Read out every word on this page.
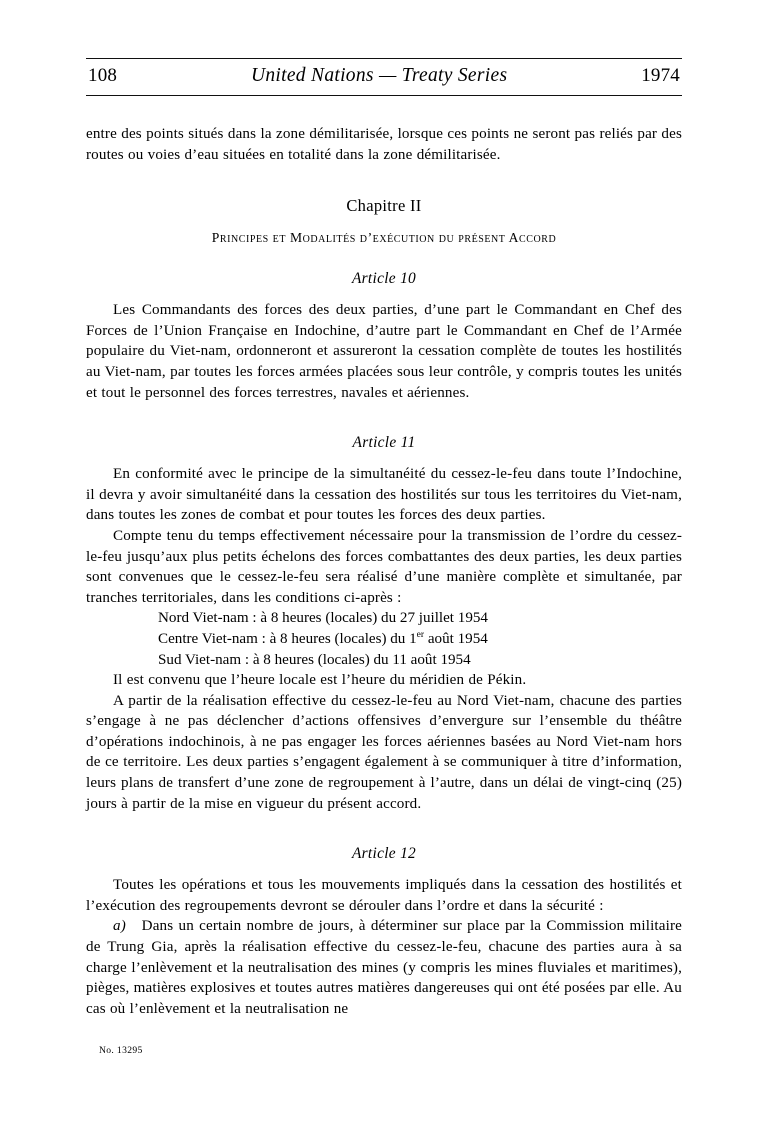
108	United Nations — Treaty Series	1974

entre des points situés dans la zone démilitarisée, lorsque ces points ne seront pas reliés par des routes ou voies d’eau situées en totalité dans la zone démilitarisée.

Chapitre II

Principes et Modalités d’exécution du présent Accord

Article 10

Les Commandants des forces des deux parties, d’une part le Commandant en Chef des Forces de l’Union Française en Indochine, d’autre part le Commandant en Chef de l’Armée populaire du Viet-nam, ordonneront et assureront la cessation complète de toutes les hostilités au Viet-nam, par toutes les forces armées placées sous leur contrôle, y compris toutes les unités et tout le personnel des forces terrestres, navales et aériennes.

Article 11

En conformité avec le principe de la simultanéité du cessez-le-feu dans toute l’Indochine, il devra y avoir simultanéité dans la cessation des hostilités sur tous les territoires du Viet-nam, dans toutes les zones de combat et pour toutes les forces des deux parties.

Compte tenu du temps effectivement nécessaire pour la transmission de l’ordre du cessez-le-feu jusqu’aux plus petits échelons des forces combattantes des deux parties, les deux parties sont convenues que le cessez-le-feu sera réalisé d’une manière complète et simultanée, par tranches territoriales, dans les conditions ci-après :

Nord Viet-nam : à 8 heures (locales) du 27 juillet 1954
Centre Viet-nam : à 8 heures (locales) du 1er août 1954
Sud Viet-nam : à 8 heures (locales) du 11 août 1954

Il est convenu que l’heure locale est l’heure du méridien de Pékin.

A partir de la réalisation effective du cessez-le-feu au Nord Viet-nam, chacune des parties s’engage à ne pas déclencher d’actions offensives d’envergure sur l’ensemble du théâtre d’opérations indochinois, à ne pas engager les forces aériennes basées au Nord Viet-nam hors de ce territoire. Les deux parties s’engagent également à se communiquer à titre d’information, leurs plans de transfert d’une zone de regroupement à l’autre, dans un délai de vingt-cinq (25) jours à partir de la mise en vigueur du présent accord.

Article 12

Toutes les opérations et tous les mouvements impliqués dans la cessation des hostilités et l’exécution des regroupements devront se dérouler dans l’ordre et dans la sécurité :

a) Dans un certain nombre de jours, à déterminer sur place par la Commission militaire de Trung Gia, après la réalisation effective du cessez-le-feu, chacune des parties aura à sa charge l’enlèvement et la neutralisation des mines (y compris les mines fluviales et maritimes), pièges, matières explosives et toutes autres matières dangereuses qui ont été posées par elle. Au cas où l’enlèvement et la neutralisation ne

No. 13295
